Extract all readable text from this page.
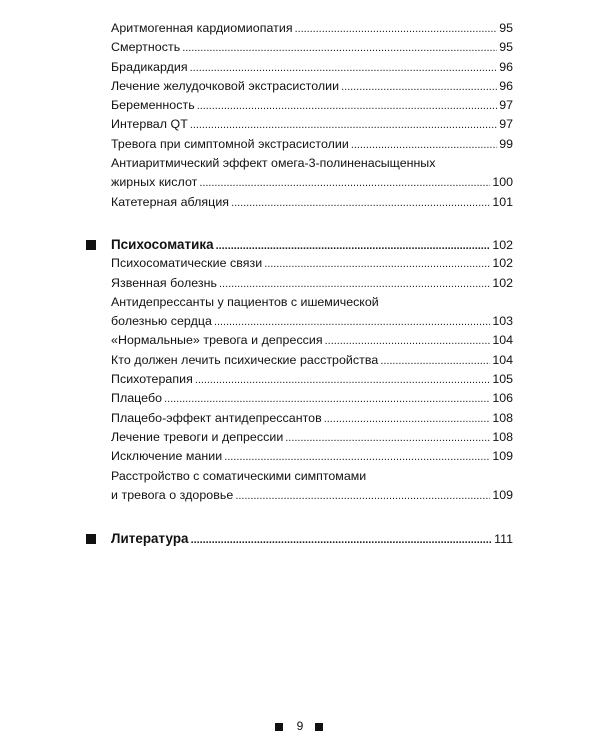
Аритмогенная кардиомиопатия . . .	95
Смертность . . .	95
Брадикардия . . .	96
Лечение желудочковой экстрасистолии . . .	96
Беременность . . .	97
Интервал QT . . .	97
Тревога при симптомной экстрасистолии . . .	99
Антиаритмический эффект омега-3-полиненасыщенных
жирных кислот . . .	100
Катетерная абляция . . .	101
Психосоматика . . .	102
Психосоматические связи . . .	102
Язвенная болезнь . . .	102
Антидепрессанты у пациентов с ишемической
болезнью сердца . . .	103
«Нормальные» тревога и депрессия . . .	104
Кто должен лечить психические расстройства . . .	104
Психотерапия . . .	105
Плацебо . . .	106
Плацебо-эффект антидепрессантов . . .	108
Лечение тревоги и депрессии . . .	108
Исключение мании . . .	109
Расстройство с соматическими симптомами
и тревога о здоровье . . .	109
Литература . . .	111
9
